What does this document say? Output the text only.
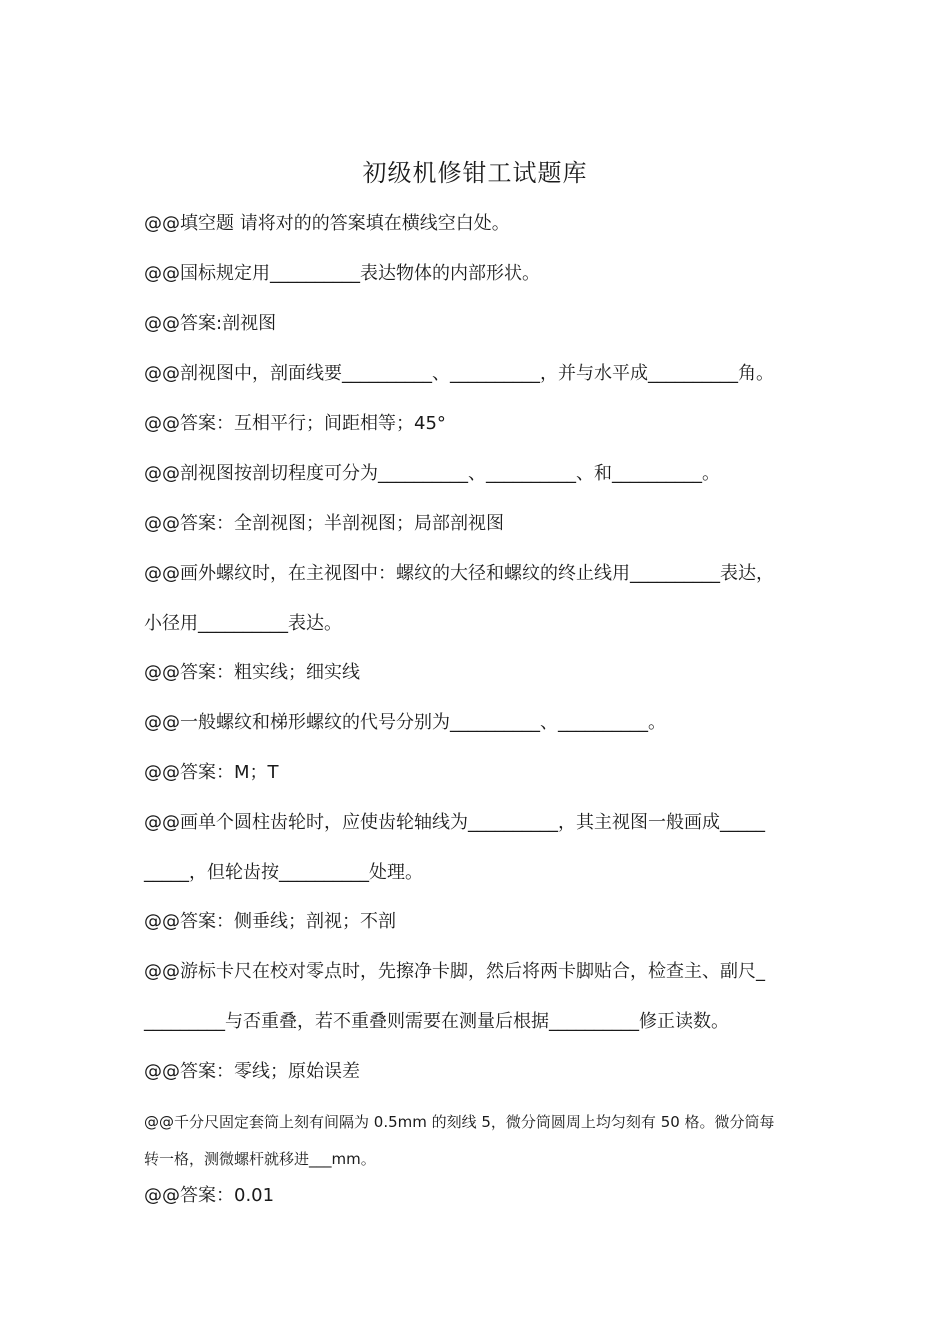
初级机修钳工试题库
@@填空题 请将对的的答案填在横线空白处。
@@国标规定用__________表达物体的内部形状。
@@答案:剖视图
@@剖视图中，剖面线要__________、__________，并与水平成__________角。
@@答案：互相平行；间距相等；45°
@@剖视图按剖切程度可分为__________、__________、和__________。
@@答案：全剖视图；半剖视图；局部剖视图
@@画外螺纹时，在主视图中：螺纹的大径和螺纹的终止线用__________表达，
小径用__________表达。
@@答案：粗实线；细实线
@@一般螺纹和梯形螺纹的代号分别为__________、__________。
@@答案：M；T
@@画单个圆柱齿轮时，应使齿轮轴线为__________，其主视图一般画成_____
_____，但轮齿按__________处理。
@@答案：侧垂线；剖视；不剖
@@游标卡尺在校对零点时，先擦净卡脚，然后将两卡脚贴合，检查主、副尺_
_________与否重叠，若不重叠则需要在测量后根据__________修正读数。
@@答案：零线；原始误差
@@千分尺固定套筒上刻有间隔为 0.5mm 的刻线 5，微分筒圆周上均匀刻有 50 格。微分筒每
转一格，测微螺杆就移进___mm。
@@答案：0.01
